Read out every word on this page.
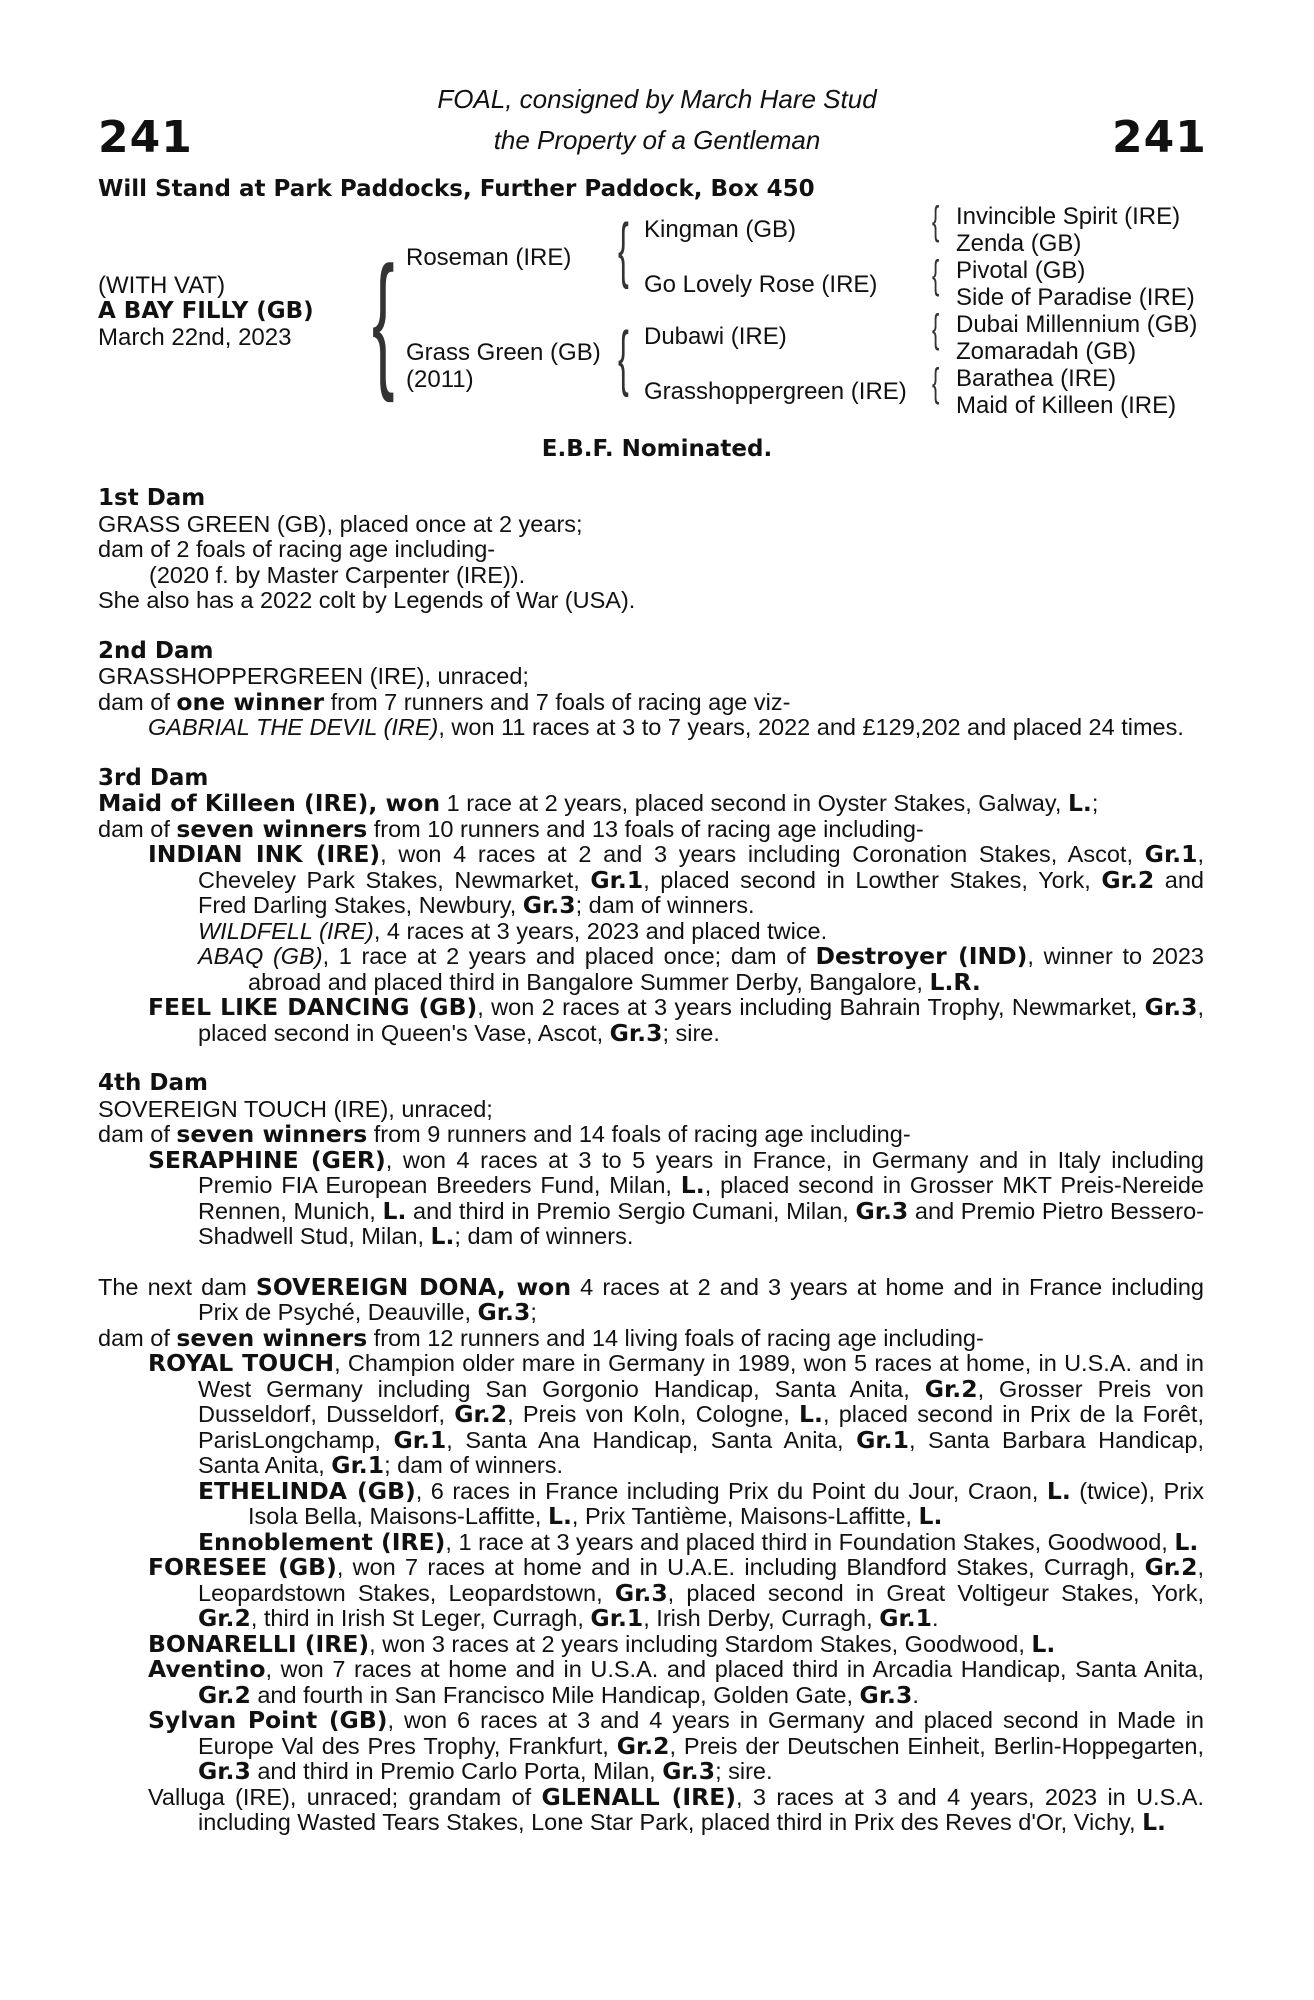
241	241
FOAL, consigned by March Hare Stud
the Property of a Gentleman
Will Stand at Park Paddocks, Further Paddock, Box 450
(WITH VAT)
A BAY FILLY (GB)
March 22nd, 2023 { Roseman (IRE)
Grass Green (GB)
(2011)
{ Kingman (GB)
Go Lovely Rose (IRE)
{ Dubawi (IRE)
Grasshoppergreen (IRE)
{
{
{
{
Invincible Spirit (IRE)
Zenda (GB)
Pivotal (GB)
Side of Paradise (IRE)
Dubai Millennium (GB)
Zomaradah (GB)
Barathea (IRE)
Maid of Killeen (IRE)
E.B.F. Nominated.

1st Dam

GRASS GREEN (GB), placed once at 2 years;

dam of 2 foals of racing age including-

(2020 f. by Master Carpenter (IRE)).

She also has a 2022 colt by Legends of War (USA).

2nd Dam

GRASSHOPPERGREEN (IRE), unraced;

dam of one winner from 7 runners and 7 foals of racing age viz-

GABRIAL THE DEVIL (IRE), won 11 races at 3 to 7 years, 2022 and £129,202 and placed 24 times.

3rd Dam

Maid of Killeen (IRE), won 1 race at 2 years, placed second in Oyster Stakes, Galway, L.;

dam of seven winners from 10 runners and 13 foals of racing age including-

INDIAN INK (IRE), won 4 races at 2 and 3 years including Coronation Stakes, Ascot, Gr.1, Cheveley Park Stakes, Newmarket, Gr.1, placed second in Lowther Stakes, York, Gr.2 and Fred Darling Stakes, Newbury, Gr.3; dam of winners.

WILDFELL (IRE), 4 races at 3 years, 2023 and placed twice.

ABAQ (GB), 1 race at 2 years and placed once; dam of Destroyer (IND), winner to 2023 abroad and placed third in Bangalore Summer Derby, Bangalore, L.R.

FEEL LIKE DANCING (GB), won 2 races at 3 years including Bahrain Trophy, Newmarket, Gr.3, placed second in Queen's Vase, Ascot, Gr.3; sire.

4th Dam

SOVEREIGN TOUCH (IRE), unraced;

dam of seven winners from 9 runners and 14 foals of racing age including-

SERAPHINE (GER), won 4 races at 3 to 5 years in France, in Germany and in Italy including Premio FIA European Breeders Fund, Milan, L., placed second in Grosser MKT Preis-Nereide Rennen, Munich, L. and third in Premio Sergio Cumani, Milan, Gr.3 and Premio Pietro Bessero-Shadwell Stud, Milan, L.; dam of winners.

The next dam SOVEREIGN DONA, won 4 races at 2 and 3 years at home and in France including Prix de Psyché, Deauville, Gr.3;

dam of seven winners from 12 runners and 14 living foals of racing age including-

ROYAL TOUCH, Champion older mare in Germany in 1989, won 5 races at home, in U.S.A. and in West Germany including San Gorgonio Handicap, Santa Anita, Gr.2, Grosser Preis von Dusseldorf, Dusseldorf, Gr.2, Preis von Koln, Cologne, L., placed second in Prix de la Forêt, ParisLongchamp, Gr.1, Santa Ana Handicap, Santa Anita, Gr.1, Santa Barbara Handicap, Santa Anita, Gr.1; dam of winners.

ETHELINDA (GB), 6 races in France including Prix du Point du Jour, Craon, L. (twice), Prix Isola Bella, Maisons-Laffitte, L., Prix Tantième, Maisons-Laffitte, L.

Ennoblement (IRE), 1 race at 3 years and placed third in Foundation Stakes, Goodwood, L.

FORESEE (GB), won 7 races at home and in U.A.E. including Blandford Stakes, Curragh, Gr.2, Leopardstown Stakes, Leopardstown, Gr.3, placed second in Great Voltigeur Stakes, York, Gr.2, third in Irish St Leger, Curragh, Gr.1, Irish Derby, Curragh, Gr.1.

BONARELLI (IRE), won 3 races at 2 years including Stardom Stakes, Goodwood, L.

Aventino, won 7 races at home and in U.S.A. and placed third in Arcadia Handicap, Santa Anita, Gr.2 and fourth in San Francisco Mile Handicap, Golden Gate, Gr.3.

Sylvan Point (GB), won 6 races at 3 and 4 years in Germany and placed second in Made in Europe Val des Pres Trophy, Frankfurt, Gr.2, Preis der Deutschen Einheit, Berlin-Hoppegarten, Gr.3 and third in Premio Carlo Porta, Milan, Gr.3; sire.

Valluga (IRE), unraced; grandam of GLENALL (IRE), 3 races at 3 and 4 years, 2023 in U.S.A. including Wasted Tears Stakes, Lone Star Park, placed third in Prix des Reves d'Or, Vichy, L.
